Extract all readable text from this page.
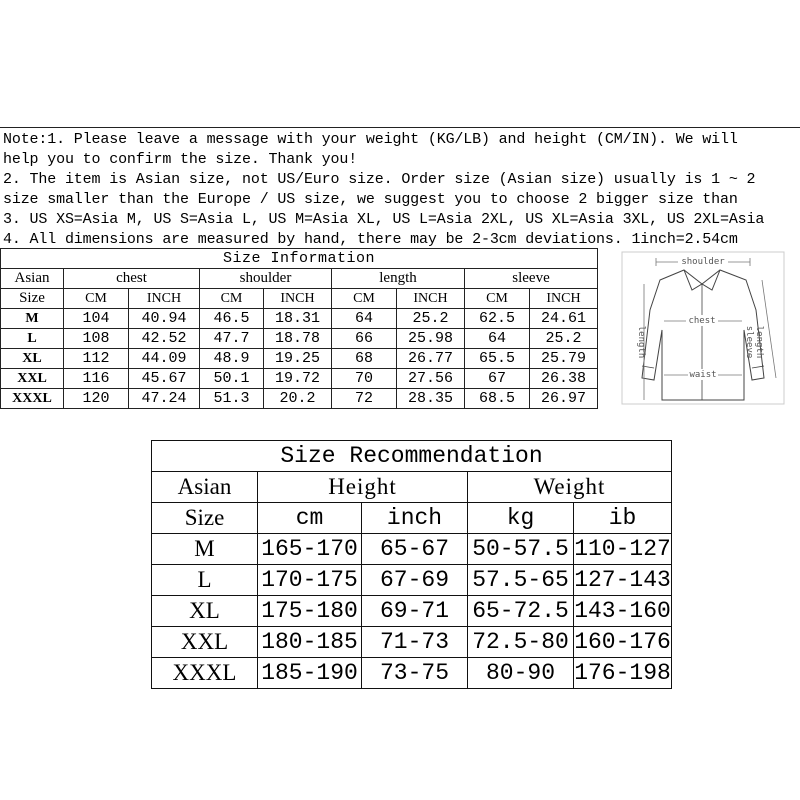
Note:1. Please leave a message with your weight (KG/LB) and height (CM/IN). We will
help you to confirm the size. Thank you!
2. The item is Asian size, not US/Euro size. Order size (Asian size) usually is 1 ~ 2
size smaller than the Europe / US size, we suggest you to choose 2 bigger size than
3. US XS=Asia M, US S=Asia L, US M=Asia XL, US L=Asia 2XL, US XL=Asia 3XL, US 2XL=Asia
4. All dimensions are measured by hand, there may be 2-3cm deviations. 1inch=2.54cm
Size Information								
Asian	chest		shoulder		length		sleeve	
Size	CM	INCH	CM	INCH	CM	INCH	CM	INCH
M	104	40.94	46.5	18.31	64	25.2	62.5	24.61
L	108	42.52	47.7	18.78	66	25.98	64	25.2
XL	112	44.09	48.9	19.25	68	26.77	65.5	25.79
XXL	116	45.67	50.1	19.72	70	27.56	67	26.38
XXXL	120	47.24	51.3	20.2	72	28.35	68.5	26.97
shoulder
chest
waist
length	sleeve length
Size Recommendation				
Asian	Height		Weight	
Size	cm	inch	kg	ib
M	165-170	65-67	50-57.5	110-127
L	170-175	67-69	57.5-65	127-143
XL	175-180	69-71	65-72.5	143-160
XXL	180-185	71-73	72.5-80	160-176
XXXL	185-190	73-75	80-90	176-198
